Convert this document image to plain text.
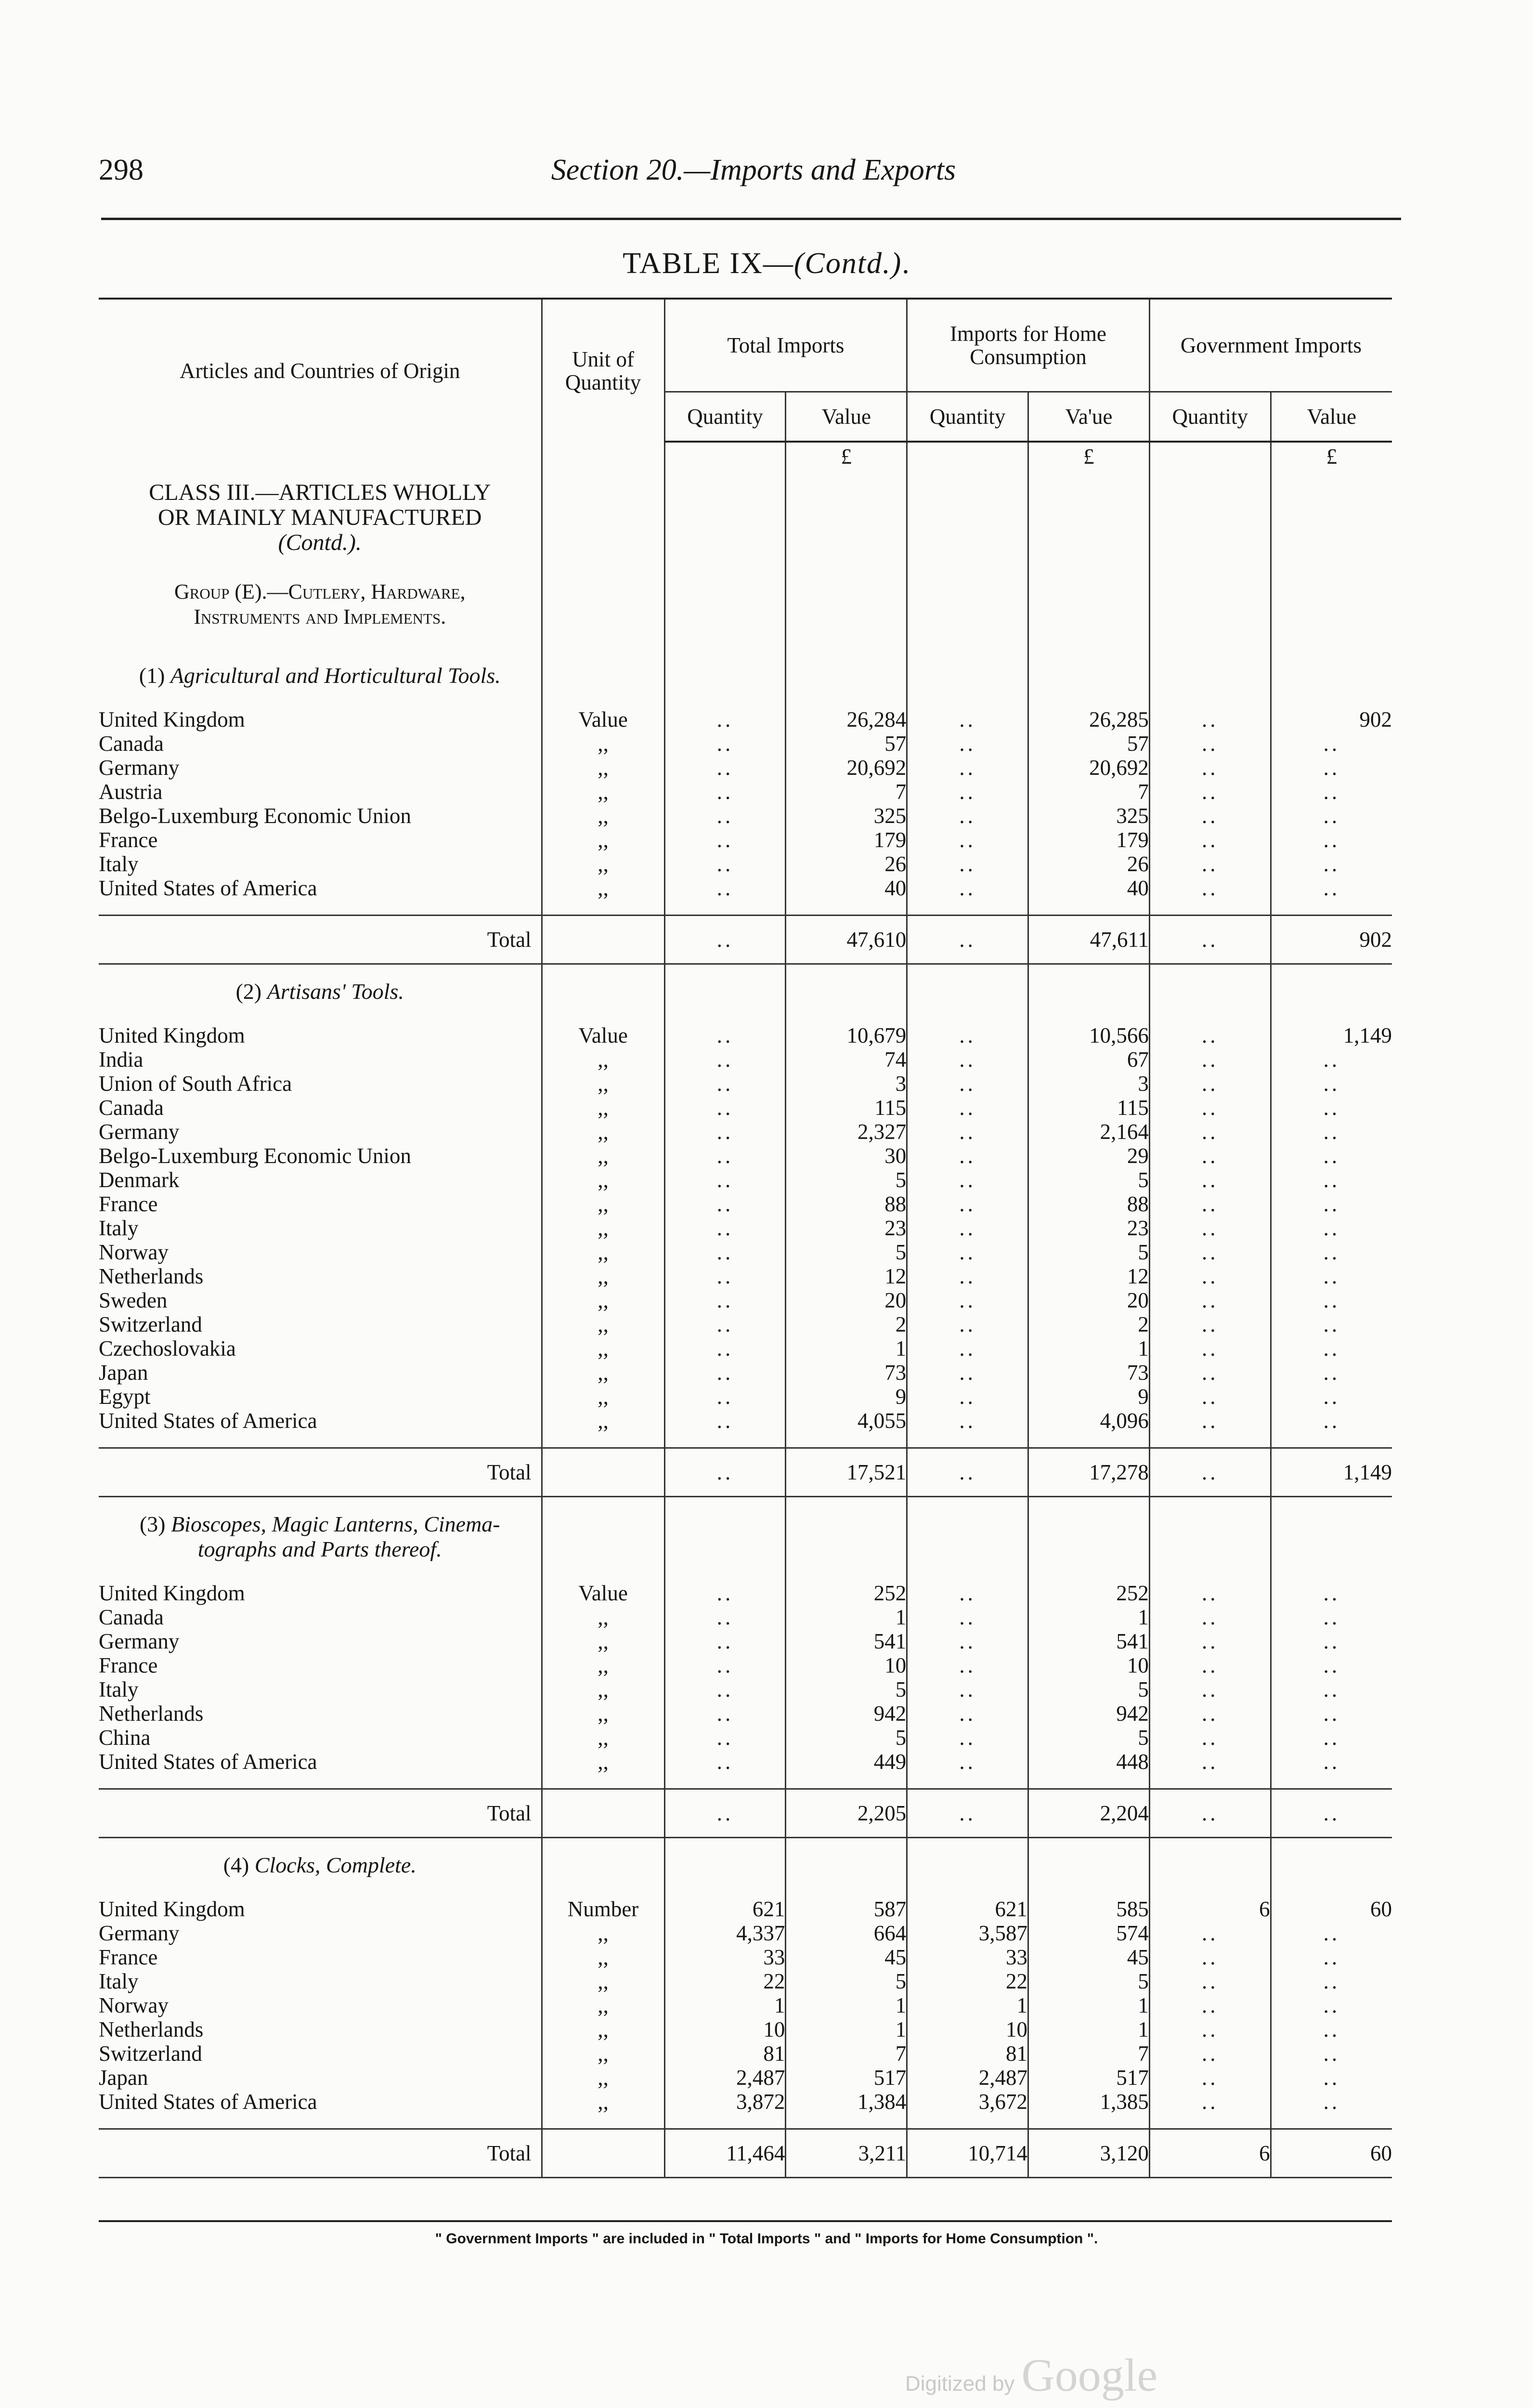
298	Section 20.—Imports and Exports
TABLE IX—(Contd.).
Articles and Countries of Origin	Unit of Quantity	Total Imports		Imports for Home Consumption		Government Imports	
		Quantity	Value	Quantity	Va'ue	Quantity	Value
			£		£		£

CLASS III.—ARTICLES WHOLLY
OR MAINLY MANUFACTURED
(Contd.).							

Group (E).—Cutlery, Hardware,
Instruments and Implements.							

(1) Agricultural and Horticultural Tools.							
United Kingdom	Value	..	26,284	..	26,285	..	902
Canada	,,	..	57	..	57	..	..
Germany	,,	..	20,692	..	20,692	..	..
Austria	,,	..	7	..	7	..	..
Belgo-Luxemburg Economic Union	,,	..	325	..	325	..	..
France	,,	..	179	..	179	..	..
Italy	,,	..	26	..	26	..	..
United States of America	,,	..	40	..	40	..	..

Total		..	47,610	..	47,611	..	902
(2) Artisans' Tools.							
United Kingdom	Value	..	10,679	..	10,566	..	1,149
India	,,	..	74	..	67	..	..
Union of South Africa	,,	..	3	..	3	..	..
Canada	,,	..	115	..	115	..	..
Germany	,,	..	2,327	..	2,164	..	..
Belgo-Luxemburg Economic Union	,,	..	30	..	29	..	..
Denmark	,,	..	5	..	5	..	..
France	,,	..	88	..	88	..	..
Italy	,,	..	23	..	23	..	..
Norway	,,	..	5	..	5	..	..
Netherlands	,,	..	12	..	12	..	..
Sweden	,,	..	20	..	20	..	..
Switzerland	,,	..	2	..	2	..	..
Czechoslovakia	,,	..	1	..	1	..	..
Japan	,,	..	73	..	73	..	..
Egypt	,,	..	9	..	9	..	..
United States of America	,,	..	4,055	..	4,096	..	..

Total		..	17,521	..	17,278	..	1,149
(3) Bioscopes, Magic Lanterns, Cinema-
tographs and Parts thereof.							
United Kingdom	Value	..	252	..	252	..	..
Canada	,,	..	1	..	1	..	..
Germany	,,	..	541	..	541	..	..
France	,,	..	10	..	10	..	..
Italy	,,	..	5	..	5	..	..
Netherlands	,,	..	942	..	942	..	..
China	,,	..	5	..	5	..	..
United States of America	,,	..	449	..	448	..	..

Total		..	2,205	..	2,204	..	..
(4) Clocks, Complete.							
United Kingdom	Number	621	587	621	585	6	60
Germany	,,	4,337	664	3,587	574	..	..
France	,,	33	45	33	45	..	..
Italy	,,	22	5	22	5	..	..
Norway	,,	1	1	1	1	..	..
Netherlands	,,	10	1	10	1	..	..
Switzerland	,,	81	7	81	7	..	..
Japan	,,	2,487	517	2,487	517	..	..
United States of America	,,	3,872	1,384	3,672	1,385	..	..

Total		11,464	3,211	10,714	3,120	6	60
" Government Imports " are included in " Total Imports " and " Imports for Home Consumption ".
Digitized by Google
